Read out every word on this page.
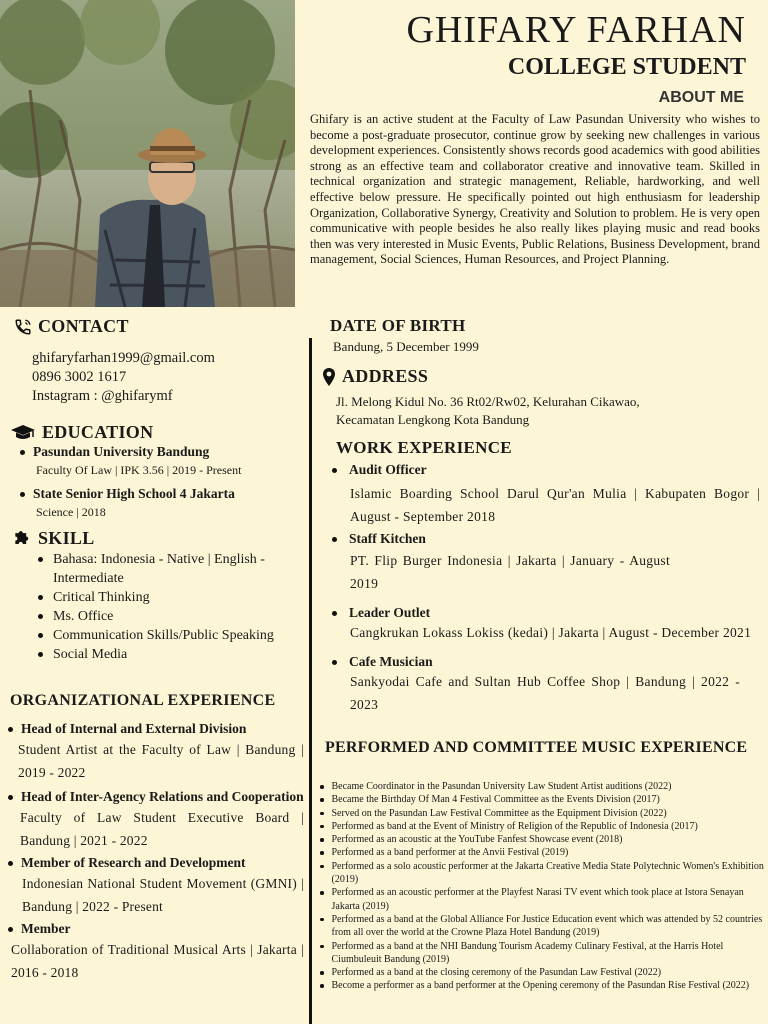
GHIFARY FARHAN
COLLEGE STUDENT
ABOUT ME

Ghifary is an active student at the Faculty of Law Pasundan University who wishes to become a post-graduate prosecutor, continue grow by seeking new challenges in various development experiences. Consistently shows records good academics with good abilities strong as an effective team and collaborator creative and innovative team. Skilled in technical organization and strategic management, Reliable, hardworking, and well effective below pressure. He specifically pointed out high enthusiasm for leadership Organization, Collaborative Synergy, Creativity and Solution to problem. He is very open communicative with people besides he also really likes playing music and read books then was very interested in Music Events, Public Relations, Business Development, brand management, Social Sciences, Human Resources, and Project Planning.

CONTACT
ghifaryfarhan1999@gmail.com
0896 3002 1617
Instagram : @ghifarymf
EDUCATION
Pasundan University Bandung
Faculty Of Law | IPK 3.56 | 2019 - Present
State Senior High School 4 Jakarta
Science | 2018
SKILL
Bahasa: Indonesia - Native | English - Intermediate
Critical Thinking
Ms. Office
Communication Skills/Public Speaking
Social Media
ORGANIZATIONAL EXPERIENCE
Head of Internal and External Division
Student Artist at the Faculty of Law | Bandung | 2019 - 2022
Head of Inter-Agency Relations and Cooperation
Faculty of Law Student Executive Board | Bandung | 2021 - 2022
Member of Research and Development
Indonesian National Student Movement (GMNI) | Bandung | 2022 - Present
Member
Collaboration of Traditional Musical Arts | Jakarta | 2016 - 2018
DATE OF BIRTH
Bandung, 5 December 1999
ADDRESS
Jl. Melong Kidul No. 36 Rt02/Rw02, Kelurahan Cikawao,
Kecamatan Lengkong Kota Bandung
WORK EXPERIENCE
Audit Officer
Islamic Boarding School Darul Qur'an Mulia | Kabupaten Bogor | August - September 2018
Staff Kitchen
PT. Flip Burger Indonesia | Jakarta | January - August 2019
Leader Outlet
Cangkrukan Lokass Lokiss (kedai) | Jakarta | August - December 2021
Cafe Musician
Sankyodai Cafe and Sultan Hub Coffee Shop | Bandung | 2022 - 2023
PERFORMED AND COMMITTEE MUSIC EXPERIENCE
Became Coordinator in the Pasundan University Law Student Artist auditions (2022)
Became the Birthday Of Man 4 Festival Committee as the Events Division (2017)
Served on the Pasundan Law Festival Committee as the Equipment Division (2022)
Performed as band at the Event of Ministry of Religion of the Republic of Indonesia (2017)
Performed as an acoustic at the YouTube Fanfest Showcase event (2018)
Performed as a band performer at the Anvii Festival (2019)
Performed as a solo acoustic performer at the Jakarta Creative Media State Polytechnic Women's Exhibition (2019)
Performed as an acoustic performer at the Playfest Narasi TV event which took place at Istora Senayan Jakarta (2019)
Performed as a band at the Global Alliance For Justice Education event which was attended by 52 countries from all over the world at the Crowne Plaza Hotel Bandung (2019)
Performed as a band at the NHI Bandung Tourism Academy Culinary Festival, at the Harris Hotel Ciumbuleuit Bandung (2019)
Performed as a band at the closing ceremony of the Pasundan Law Festival (2022)
Become a performer as a band performer at the Opening ceremony of the Pasundan Rise Festival (2022)
